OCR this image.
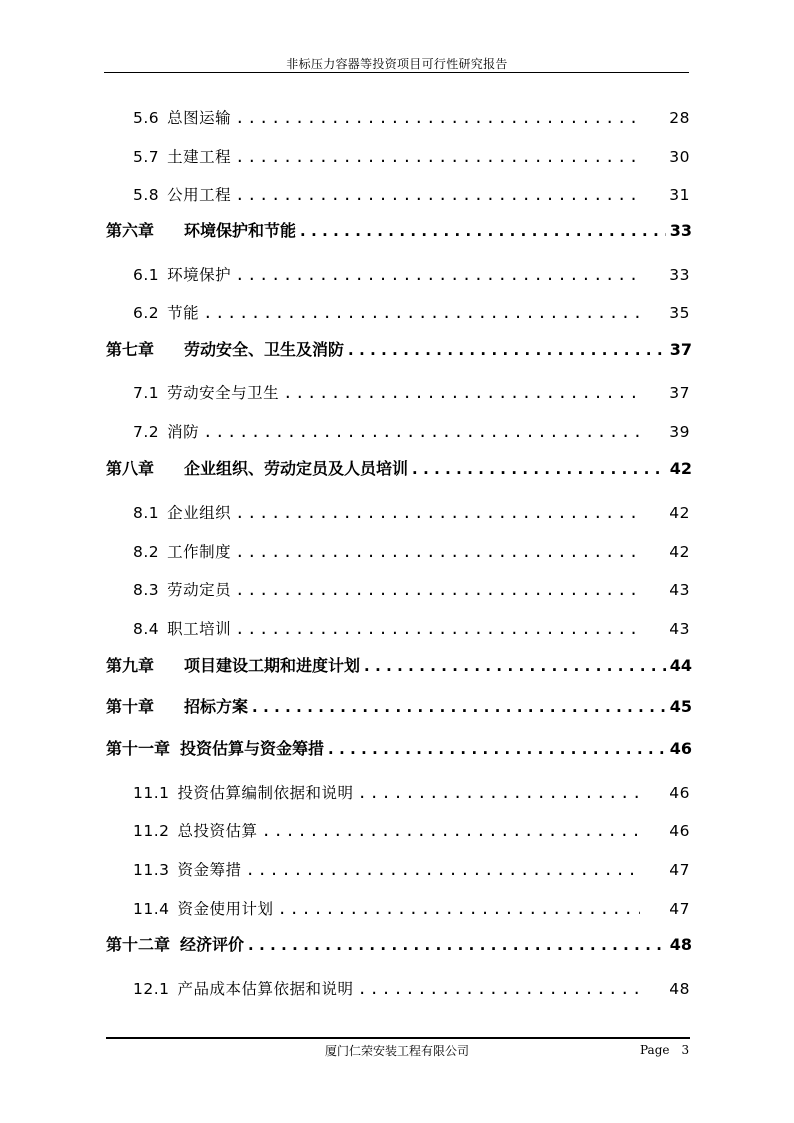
非标压力容器等投资项目可行性研究报告
5.6 总图运输 .....	28
5.7 土建工程 .....	30
5.8 公用工程 .....	31
第六章 环境保护和节能 .....	33
6.1 环境保护 .....	33
6.2 节能 .....	35
第七章 劳动安全、卫生及消防 .....	37
7.1 劳动安全与卫生 .....	37
7.2 消防 .....	39
第八章 企业组织、劳动定员及人员培训 .....	42
8.1 企业组织 .....	42
8.2 工作制度 .....	42
8.3 劳动定员 .....	43
8.4 职工培训 .....	43
第九章 项目建设工期和进度计划 .....	44
第十章 招标方案 .....	45
第十一章 投资估算与资金筹措 .....	46
11.1 投资估算编制依据和说明 .....	46
11.2 总投资估算 .....	46
11.3 资金筹措 .....	47
11.4 资金使用计划 .....	47
第十二章 经济评价 .....	48
12.1 产品成本估算依据和说明 .....	48
厦门仁荣安装工程有限公司	Page 3
